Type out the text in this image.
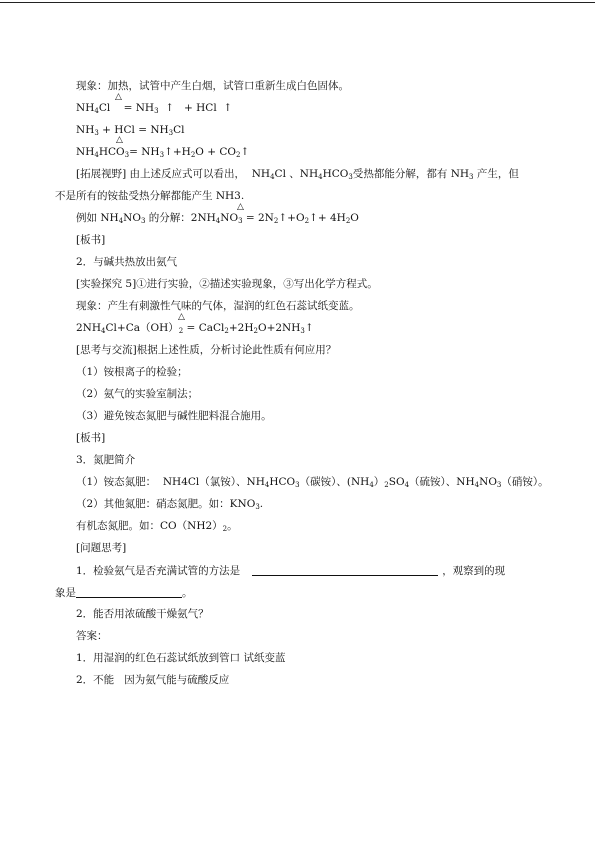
现象：加热，试管中产生白烟，试管口重新生成白色固体。
△
$NH_4Cl$    = $NH_3$  ↑   + HCl  ↑
$NH_3$ + HCl = $NH_3Cl$
△
$NH_4HCO_3=$ $NH_3↑+H_2O$ + $CO_2↑$
[拓展视野] 由上述反应式可以看出，  $NH_4Cl$ 、$NH_4HCO_3$受热都能分解，都有 $NH_3$ 产生，但
不是所有的铵盐受热分解都能产生 NH3.
△
例如 $NH_4NO_3$ 的分解：$2NH_4NO_3$ = $2N_2↑+O_2↑+ 4H_2O$
[板书]
2．与碱共热放出氨气
[实验探究 5]①进行实验，②描述实验现象，③写出化学方程式。
现象：产生有刺激性气味的气体，湿润的红色石蕊试纸变蓝。
△
$2NH_4Cl+Ca(OH)_2$ = $CaCl_2+2H_2O+2NH_3↑$
[思考与交流]根据上述性质，分析讨论此性质有何应用？
（1）铵根离子的检验；
（2）氨气的实验室制法；
（3）避免铵态氮肥与碱性肥料混合施用。
[板书]
3．氮肥简介
（1）铵态氮肥：  NH4Cl（氯铵）、$NH_4HCO_3$（碳铵）、$(NH_4)_2SO_4$（硫铵）、$NH_4NO_3$（硝铵）。
（2）其他氮肥：硝态氮肥。如：$KNO_3$.
有机态氮肥。如：$CO(NH2)_2$。
[问题思考]
1．检验氨气是否充满试管的方法是	，观察到的现
象是	。
2．能否用浓硫酸干燥氨气？
答案：
1．用湿润的红色石蕊试纸放到管口 试纸变蓝
2．不能   因为氨气能与硫酸反应
